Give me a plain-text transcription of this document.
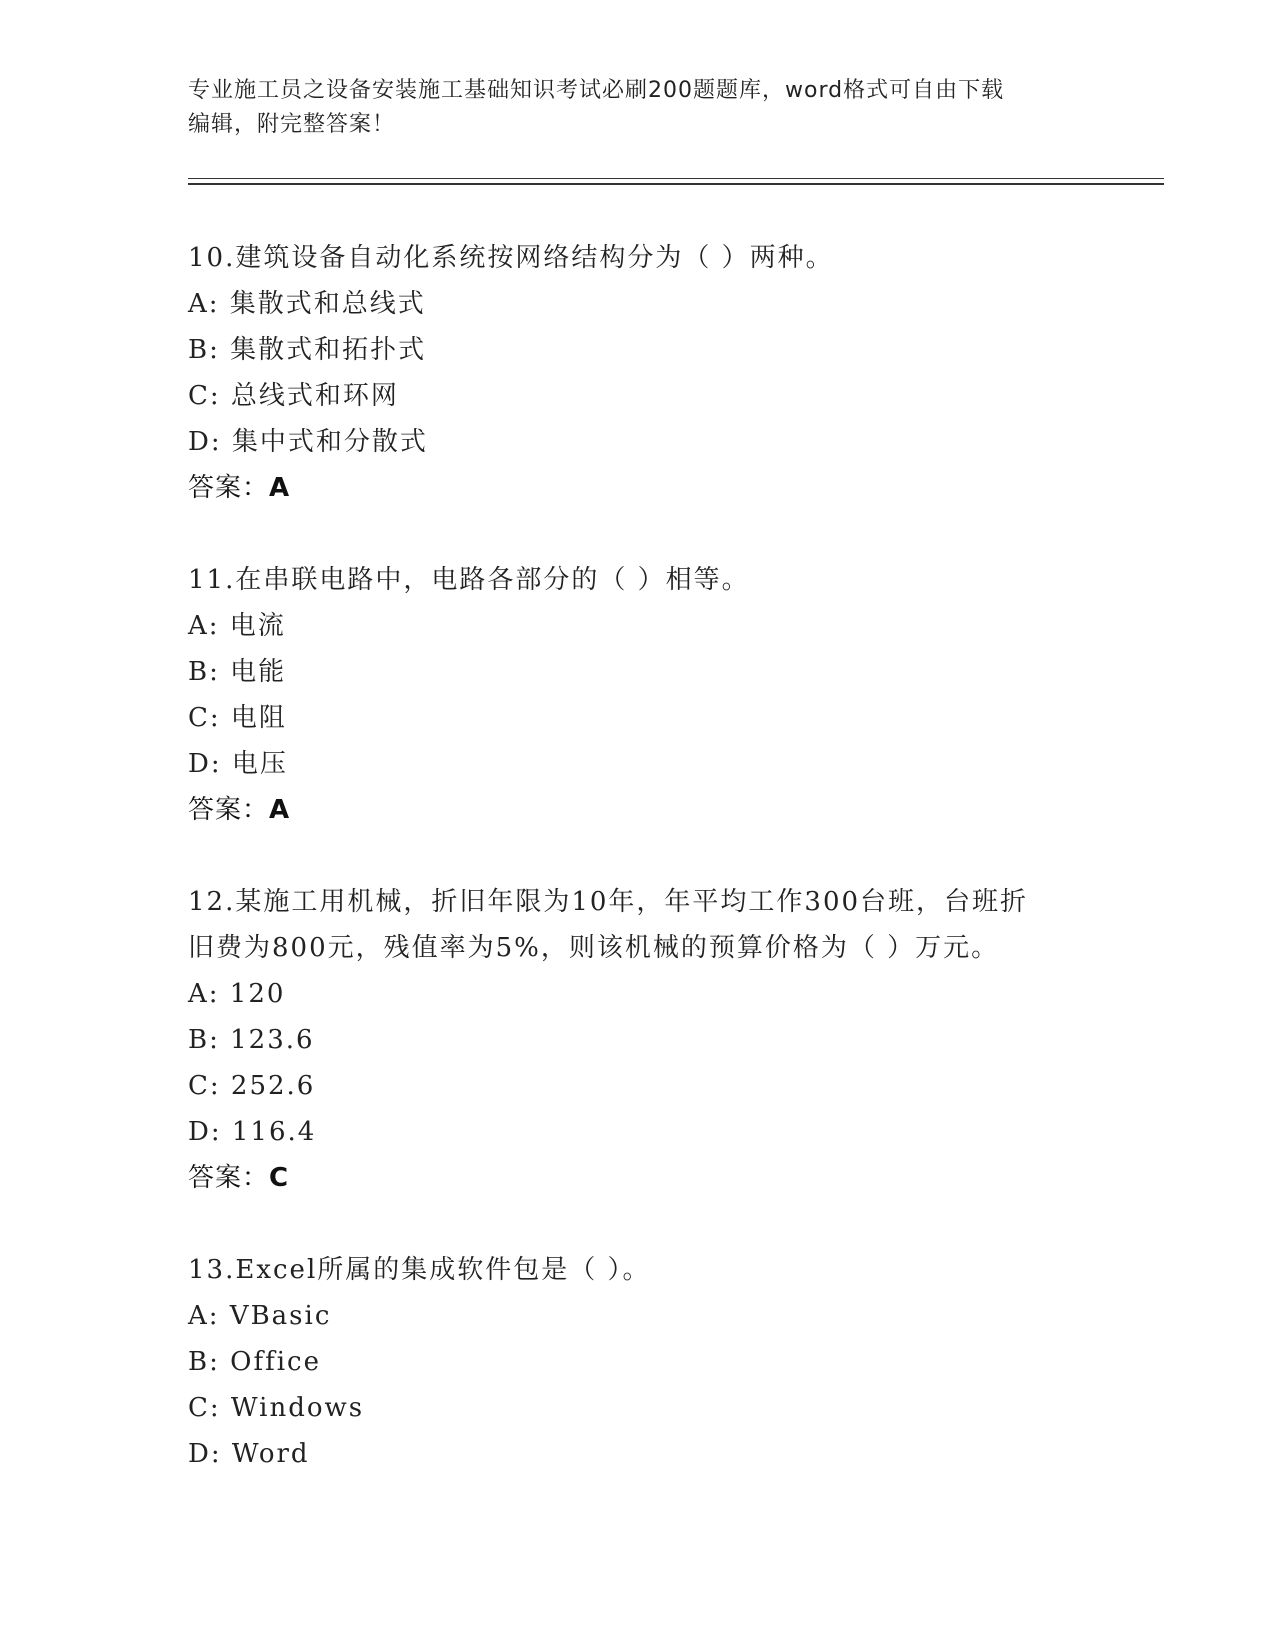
专业施工员之设备安装施工基础知识考试必刷200题题库，word格式可自由下载
编辑，附完整答案！
10.建筑设备自动化系统按网络结构分为（ ）两种。
A: 集散式和总线式
B: 集散式和拓扑式
C: 总线式和环网
D: 集中式和分散式
答案：A
11.在串联电路中，电路各部分的（ ）相等。
A: 电流
B: 电能
C: 电阻
D: 电压
答案：A
12.某施工用机械，折旧年限为10年，年平均工作300台班，台班折
旧费为800元，残值率为5%，则该机械的预算价格为（ ）万元。
A: 120
B: 123.6
C: 252.6
D: 116.4
答案：C
13.Excel所属的集成软件包是（ ）。
A: VBasic
B: Office
C: Windows
D: Word
